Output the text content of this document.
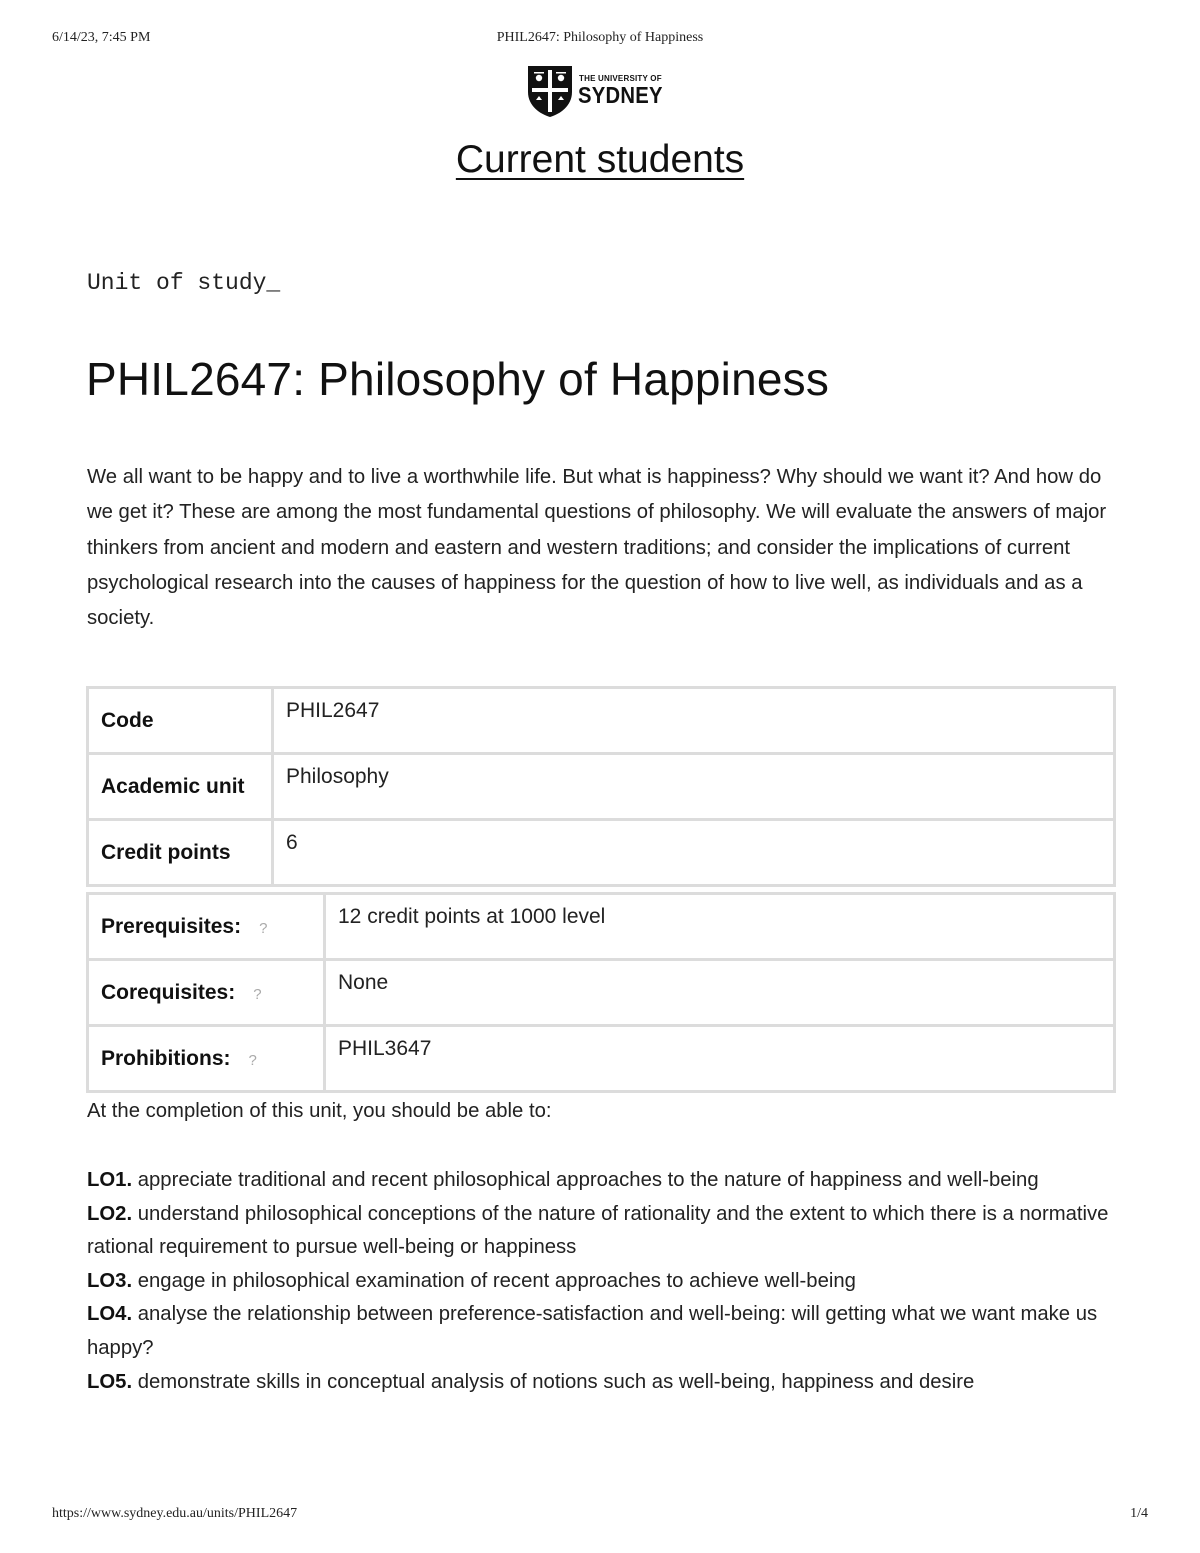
6/14/23, 7:45 PM	PHIL2647: Philosophy of Happiness
THE UNIVERSITY OF
SYDNEY
Current students
Unit of study_
PHIL2647: Philosophy of Happiness

We all want to be happy and to live a worthwhile life. But what is happiness? Why should we want it? And how do we get it? These are among the most fundamental questions of philosophy. We will evaluate the answers of major thinkers from ancient and modern and eastern and western traditions; and consider the implications of current psychological research into the causes of happiness for the question of how to live well, as individuals and as a society.

Code	PHIL2647
Academic unit	Philosophy
Credit points	6
Prerequisites: ?	12 credit points at 1000 level
Corequisites: ?	None
Prohibitions: ?	PHIL3647

At the completion of this unit, you should be able to:

LO1. appreciate traditional and recent philosophical approaches to the nature of happiness and well-being
LO2. understand philosophical conceptions of the nature of rationality and the extent to which there is a normative rational requirement to pursue well-being or happiness
LO3. engage in philosophical examination of recent approaches to achieve well-being
LO4. analyse the relationship between preference-satisfaction and well-being: will getting what we want make us happy?
LO5. demonstrate skills in conceptual analysis of notions such as well-being, happiness and desire
https://www.sydney.edu.au/units/PHIL2647	1/4
